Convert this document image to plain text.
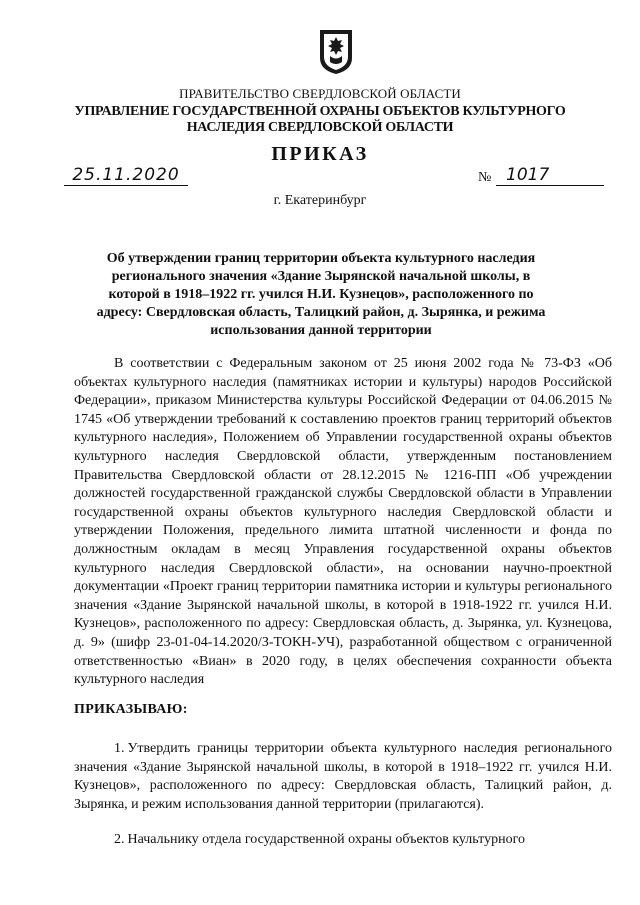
ПРАВИТЕЛЬСТВО СВЕРДЛОВСКОЙ ОБЛАСТИ
УПРАВЛЕНИЕ ГОСУДАРСТВЕННОЙ ОХРАНЫ ОБЪЕКТОВ КУЛЬТУРНОГО НАСЛЕДИЯ СВЕРДЛОВСКОЙ ОБЛАСТИ
ПРИКАЗ
25.11.2020	№ 1017
г. Екатеринбург
Об утверждении границ территории объекта культурного наследия регионального значения «Здание Зырянской начальной школы, в которой в 1918–1922 гг. учился Н.И. Кузнецов», расположенного по адресу: Свердловская область, Талицкий район, д. Зырянка, и режима использования данной территории

В соответствии с Федеральным законом от 25 июня 2002 года № 73-ФЗ «Об объектах культурного наследия (памятниках истории и культуры) народов Российской Федерации», приказом Министерства культуры Российской Федерации от 04.06.2015 № 1745 «Об утверждении требований к составлению проектов границ территорий объектов культурного наследия», Положением об Управлении государственной охраны объектов культурного наследия Свердловской области, утвержденным постановлением Правительства Свердловской области от 28.12.2015 № 1216-ПП «Об учреждении должностей государственной гражданской службы Свердловской области в Управлении государственной охраны объектов культурного наследия Свердловской области и утверждении Положения, предельного лимита штатной численности и фонда по должностным окладам в месяц Управления государственной охраны объектов культурного наследия Свердловской области», на основании научно-проектной документации «Проект границ территории памятника истории и культуры регионального значения «Здание Зырянской начальной школы, в которой в 1918-1922 гг. учился Н.И. Кузнецов», расположенного по адресу: Свердловская область, д. Зырянка, ул. Кузнецова, д. 9» (шифр 23-01-04-14.2020/З-ТОКН-УЧ), разработанной обществом с ограниченной ответственностью «Виан» в 2020 году, в целях обеспечения сохранности объекта культурного наследия

ПРИКАЗЫВАЮ:

1. Утвердить границы территории объекта культурного наследия регионального значения «Здание Зырянской начальной школы, в которой в 1918–1922 гг. учился Н.И. Кузнецов», расположенного по адресу: Свердловская область, Талицкий район, д. Зырянка, и режим использования данной территории (прилагаются).

2. Начальнику отдела государственной охраны объектов культурного
